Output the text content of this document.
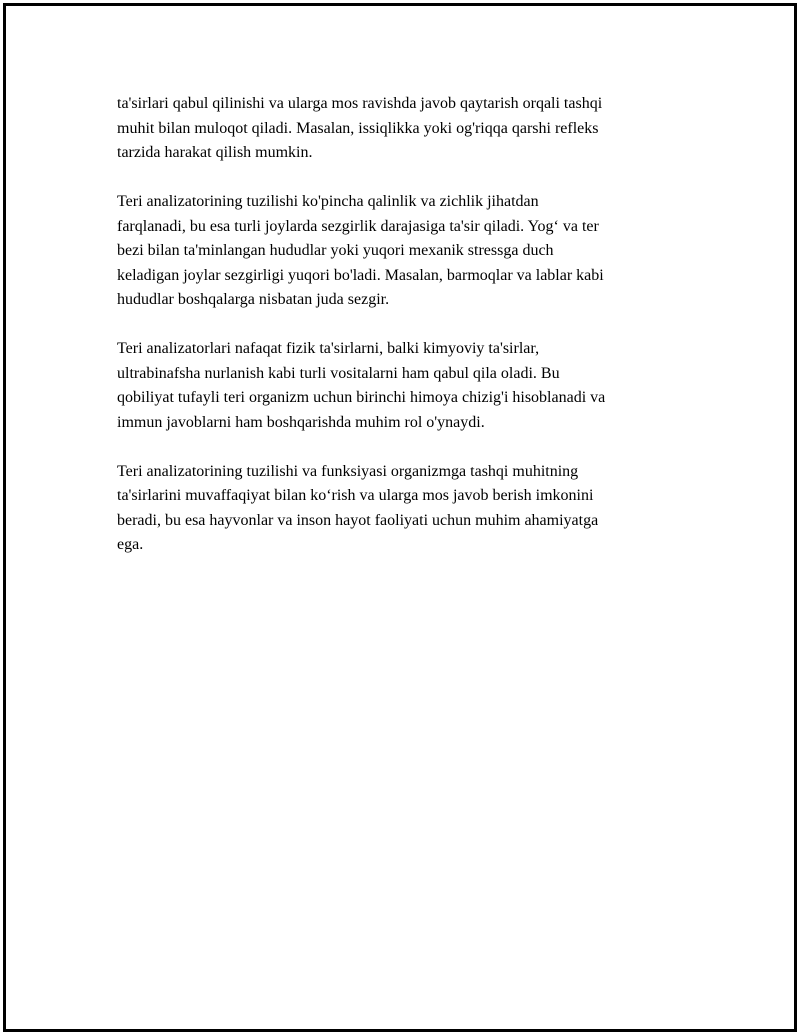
ta'sirlari qabul qilinishi va ularga mos ravishda javob qaytarish orqali tashqi
muhit bilan muloqot qiladi. Masalan, issiqlikka yoki og'riqqa qarshi refleks
tarzida harakat qilish mumkin.

Teri analizatorining tuzilishi ko'pincha qalinlik va zichlik jihatdan
farqlanadi, bu esa turli joylarda sezgirlik darajasiga ta'sir qiladi. Yog‘ va ter
bezi bilan ta'minlangan hududlar yoki yuqori mexanik stressga duch
keladigan joylar sezgirligi yuqori bo'ladi. Masalan, barmoqlar va lablar kabi
hududlar boshqalarga nisbatan juda sezgir.

Teri analizatorlari nafaqat fizik ta'sirlarni, balki kimyoviy ta'sirlar,
ultrabinafsha nurlanish kabi turli vositalarni ham qabul qila oladi. Bu
qobiliyat tufayli teri organizm uchun birinchi himoya chizig'i hisoblanadi va
immun javoblarni ham boshqarishda muhim rol o'ynaydi.

Teri analizatorining tuzilishi va funksiyasi organizmga tashqi muhitning
ta'sirlarini muvaffaqiyat bilan ko‘rish va ularga mos javob berish imkonini
beradi, bu esa hayvonlar va inson hayot faoliyati uchun muhim ahamiyatga
ega.
